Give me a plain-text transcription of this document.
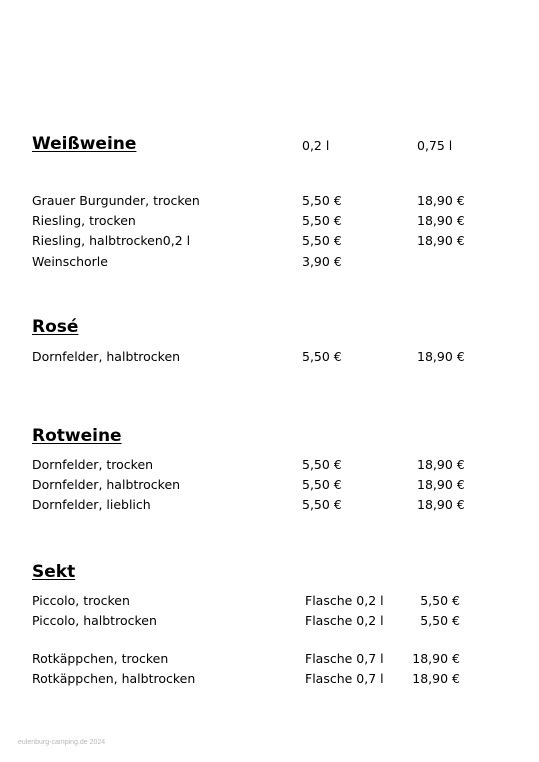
Weißweine	0,2 l	0,75 l
Grauer Burgunder, trocken	5,50 €	18,90 €
Riesling, trocken	5,50 €	18,90 €
Riesling, halbtrocken0,2 l	5,50 €	18,90 €
Weinschorle	3,90 €
Rosé
Dornfelder, halbtrocken	5,50 €	18,90 €
Rotweine
Dornfelder, trocken	5,50 €	18,90 €
Dornfelder, halbtrocken	5,50 €	18,90 €
Dornfelder, lieblich	5,50 €	18,90 €
Sekt
Piccolo, trocken	Flasche 0,2 l	5,50 €
Piccolo, halbtrocken	Flasche 0,2 l	5,50 €
Rotkäppchen, trocken	Flasche 0,7 l	18,90 €
Rotkäppchen, halbtrocken	Flasche 0,7 l	18,90 €
eulenburg-camping.de 2024
